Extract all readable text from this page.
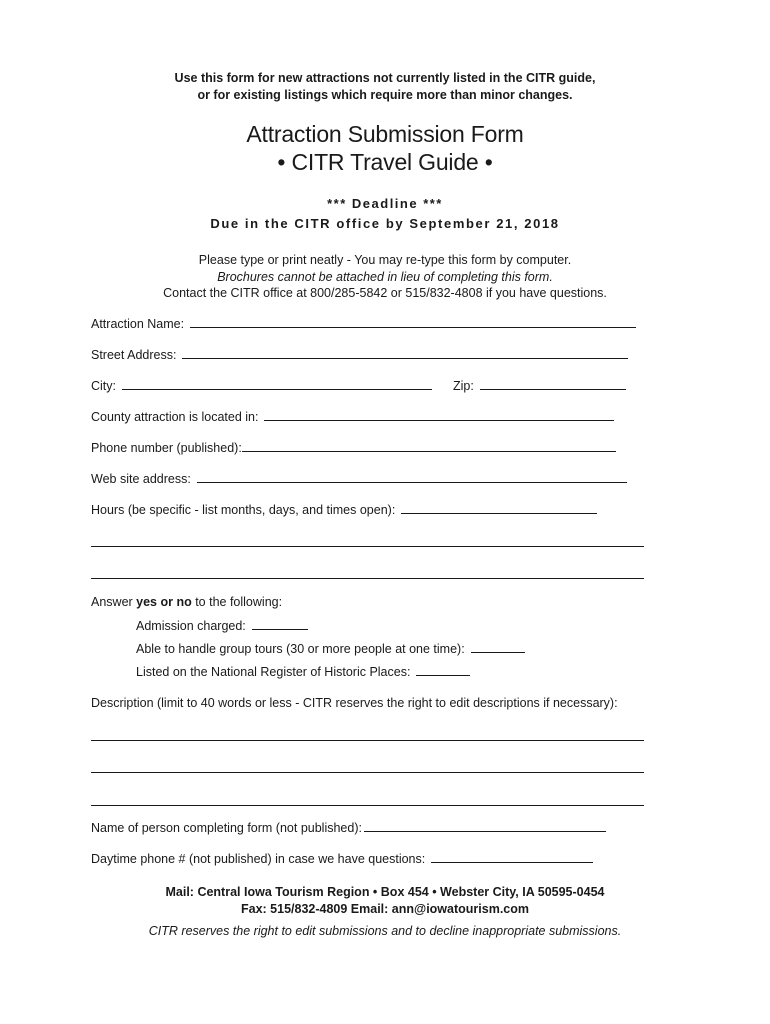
Use this form for new attractions not currently listed in the CITR guide,
or for existing listings which require more than minor changes.
Attraction Submission Form
• CITR Travel Guide •
*** Deadline ***
Due in the CITR office by September 21, 2018
Please type or print neatly - You may re-type this form by computer.
Brochures cannot be attached in lieu of completing this form.
Contact the CITR office at 800/285-5842 or 515/832-4808 if you have questions.
Attraction Name:
Street Address:
City:	Zip:
County attraction is located in:
Phone number (published):
Web site address:
Hours (be specific - list months, days, and times open):
Answer yes or no to the following:
Admission charged:
Able to handle group tours (30 or more people at one time):
Listed on the National Register of Historic Places:
Description (limit to 40 words or less - CITR reserves the right to edit descriptions if necessary):
Name of person completing form (not published):
Daytime phone # (not published) in case we have questions:
Mail: Central Iowa Tourism Region • Box 454 • Webster City, IA 50595-0454
Fax: 515/832-4809 Email: ann@iowatourism.com
CITR reserves the right to edit submissions and to decline inappropriate submissions.
